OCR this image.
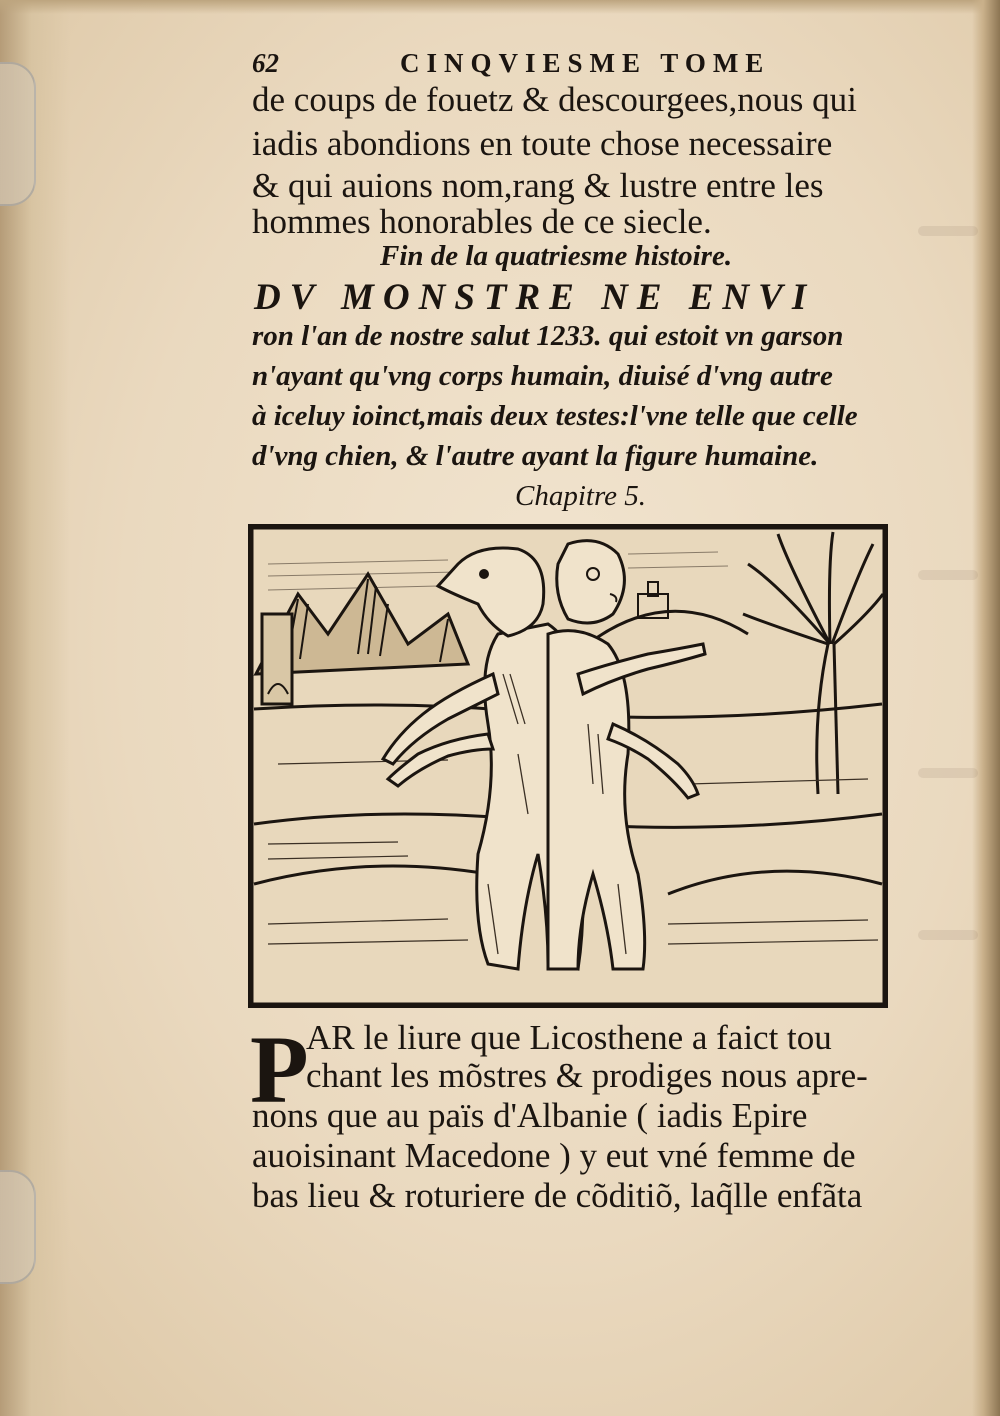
62	CINQVIESME TOME
de coups de fouetz & descourgees,nous qui
iadis abondions en toute chose necessaire
& qui auions nom,rang & lustre entre les
hommes honorables de ce siecle.
Fin de la quatriesme histoire.
DV MONSTRE NE ENVI
ron l'an de nostre salut 1233. qui estoit vn garson
n'ayant qu'vng corps humain, diuisé d'vng autre
à iceluy ioinct,mais deux testes:l'vne telle que celle
d'vng chien, & l'autre ayant la figure humaine.
Chapitre 5.
P
AR le liure que Licosthene a faict tou
chant les mõstres & prodiges nous apre-
nons que au païs d'Albanie ( iadis Epire
auoisinant Macedone ) y eut vné femme de
bas lieu & roturiere de cõditiõ, laq̃lle enfãta
